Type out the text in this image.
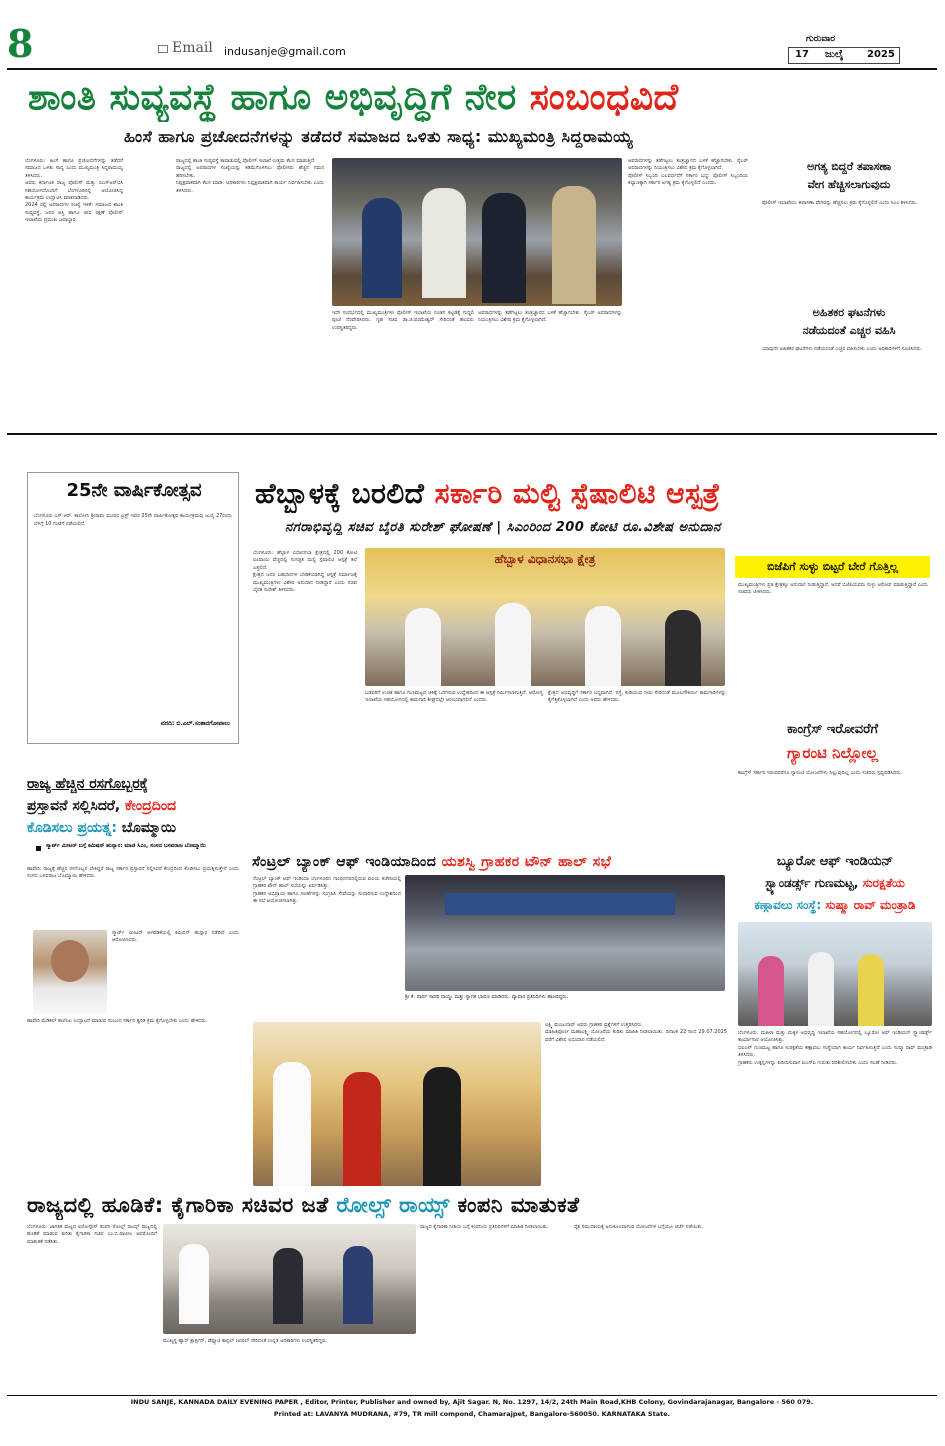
8	Email indusanje@gmail.com
ಗುರುವಾರ
17 ಜುಲೈ 2025
ಶಾಂತಿ ಸುವ್ಯವಸ್ಥೆ ಹಾಗೂ ಅಭಿವೃದ್ಧಿಗೆ ನೇರ ಸಂಬಂಧವಿದೆ
ಹಿಂಸೆ ಹಾಗೂ ಪ್ರಚೋದನೆಗಳನ್ನು ತಡೆದರೆ ಸಮಾಜದ ಒಳಿತು ಸಾಧ್ಯ: ಮುಖ್ಯಮಂತ್ರಿ ಸಿದ್ದರಾಮಯ್ಯ
ಬೆಂಗಳೂರು: ಹಿಂಸೆ ಹಾಗೂ ಪ್ರಚೋದನೆಗಳನ್ನು ತಡೆದರೆ ಸಮಾಜದ ಒಳಿತು ಸಾಧ್ಯ ಎಂದು ಮುಖ್ಯಮಂತ್ರಿ ಸಿದ್ದರಾಮಯ್ಯ ತಿಳಿಸಿದರು.
ಅವರು ಕರ್ನಾಟಕ ರಾಜ್ಯ ಪೊಲೀಸ್ ಮತ್ತು ಬಿಎಸ್‌ಆರ್‌ಬಿಸಿ ಸಹಯೋಗದೊಂದಿಗೆ ಬೆಂಗಳೂರಿನಲ್ಲಿ ಆಯೋಜಿಸಿದ್ದ ಕಾರ್ಯಕ್ರಮ ಉದ್ಘಾಟಿಸಿ ಮಾತನಾಡಿದರು.
2024 ರಲ್ಲಿ ಅಪರಾಧಗಳ ಸಂಖ್ಯೆ ಇಳಿಕೆ: ಸಮಾಜದ ಶಾಂತಿ ಸುವ್ಯವಸ್ಥೆ, ಜನರ ಆಸ್ತಿ ಹಾಗೂ ಜೀವ ರಕ್ಷಣೆ ಪೊಲೀಸ್ ಇಲಾಖೆಯ ಪ್ರಮುಖ ಜವಾಬ್ದಾರಿ.
ರಾಜ್ಯದಲ್ಲಿ ಶಾಂತಿ ಸುವ್ಯವಸ್ಥೆ ಕಾಪಾಡುವಲ್ಲಿ ಪೊಲೀಸ್ ಇಲಾಖೆ ಉತ್ತಮ ಕೆಲಸ ಮಾಡುತ್ತಿದೆ.
ರಾಜ್ಯದಲ್ಲಿ ಅಪರಾಧಗಳ ಸಂಖ್ಯೆಯನ್ನು ಕಡಿಮೆಗೊಳಿಸಲು ಪೊಲೀಸರು ಹೆಚ್ಚಿನ ಗಮನ ಹರಿಸಬೇಕು.
ನಿಷ್ಪಕ್ಷಪಾತವಾಗಿ ಕೆಲಸ ಮಾಡಿ: ಅಧಿಕಾರಿಗಳು ನಿಷ್ಪಕ್ಷಪಾತವಾಗಿ ಕಾರ್ಯ ನಿರ್ವಹಿಸಬೇಕು ಎಂದು ತಿಳಿಸಿದರು.
ಇದೇ ಸಂದರ್ಭದಲ್ಲಿ ಮುಖ್ಯಮಂತ್ರಿಗಳು ಪೊಲೀಸ್ ಇಲಾಖೆಯ ನೂತನ ಕಟ್ಟಡಕ್ಕೆ ಗುದ್ದಲಿ ಪೂಜೆ ನೆರವೇರಿಸಿದರು. ಗೃಹ ಸಚಿವ ಡಾ.ಜಿ.ಪರಮೇಶ್ವರ್ ಸೇರಿದಂತೆ ಹಲವರು ಉಪಸ್ಥಿತರಿದ್ದರು.
ಅಪರಾಧಗಳನ್ನು ತಡೆಗಟ್ಟಲು ತಂತ್ರಜ್ಞಾನದ ಬಳಕೆ ಹೆಚ್ಚಾಗಬೇಕು. ಸೈಬರ್ ಅಪರಾಧಗಳನ್ನು ನಿಯಂತ್ರಿಸಲು ವಿಶೇಷ ಕ್ರಮ ಕೈಗೊಳ್ಳಲಾಗಿದೆ.
ಅಪರಾಧಗಳನ್ನು ತಡೆಗಟ್ಟಲು ತಂತ್ರಜ್ಞಾನದ ಬಳಕೆ ಹೆಚ್ಚಾಗಬೇಕು. ಸೈಬರ್ ಅಪರಾಧಗಳನ್ನು ನಿಯಂತ್ರಿಸಲು ವಿಶೇಷ ಕ್ರಮ ಕೈಗೊಳ್ಳಲಾಗಿದೆ.
ಪೊಲೀಸ್ ಸಿಬ್ಬಂದಿ ಬಲವರ್ಧನೆಗೆ ಸರ್ಕಾರ ಬದ್ಧ: ಪೊಲೀಸ್ ಸಿಬ್ಬಂದಿಯ ಕಲ್ಯಾಣಕ್ಕಾಗಿ ಸರ್ಕಾರ ಅಗತ್ಯ ಕ್ರಮ ಕೈಗೊಳ್ಳಲಿದೆ ಎಂದರು.
ಅಗತ್ಯ ಬಿದ್ದರೆ ತಪಾಸಣಾ
ವೇಗ ಹೆಚ್ಚಿಸಲಾಗುವುದು
ಪೊಲೀಸ್ ಇಲಾಖೆಯು ತಪಾಸಣಾ ವೇಗವನ್ನು ಹೆಚ್ಚಿಸಲು ಕ್ರಮ ಕೈಗೊಳ್ಳಲಿದೆ ಎಂದು ಸಿಎಂ ತಿಳಿಸಿದರು.
ಅಹಿತಕರ ಘಟನೆಗಳು
ನಡೆಯದಂತೆ ಎಚ್ಚರ ವಹಿಸಿ
ಯಾವುದೇ ಅಹಿತಕರ ಘಟನೆಗಳು ನಡೆಯದಂತೆ ಎಚ್ಚರ ವಹಿಸಬೇಕು ಎಂದು ಅಧಿಕಾರಿಗಳಿಗೆ ಸೂಚಿಸಿದರು.
25ನೇ ವಾರ್ಷಿಕೋತ್ಸವ
ಬೆಂಗಳೂರು ಎಸ್.ಆರ್. ಕಾಲೋನಿ ಶ್ರೀರಾಮ ಮಂದಿರ ಟ್ರಸ್ಟ್ ಇವರ 25ನೇ ವಾರ್ಷಿಕೋತ್ಸವ ಕಾರ್ಯಕ್ರಮವು ಜುಲೈ 27ರಂದು ಬೆಳಗ್ಗೆ 10 ಗಂಟೆಗೆ ನಡೆಯಲಿದೆ.
ವರದಿ: ಬಿ.ಎಲ್.ಸಂತಾನಗೋಪಾಲು
ಹೆಬ್ಬಾಳಕ್ಕೆ ಬರಲಿದೆ ಸರ್ಕಾರಿ ಮಲ್ಟಿ ಸ್ಪೆಷಾಲಿಟಿ ಆಸ್ಪತ್ರೆ
ನಗರಾಭಿವೃದ್ಧಿ ಸಚಿವ ಬೈರತಿ ಸುರೇಶ್ ಘೋಷಣೆ | ಸಿಎಂರಿಂದ 200 ಕೋಟಿ ರೂ.ವಿಶೇಷ ಅನುದಾನ
ಬೆಂಗಳೂರು: ಹೆಬ್ಬಾಳ ವಿಧಾನಸಭಾ ಕ್ಷೇತ್ರದಲ್ಲಿ 200 ಕೋಟಿ ರೂಪಾಯಿ ವೆಚ್ಚದಲ್ಲಿ ಸುಸಜ್ಜಿತ ಮಲ್ಟಿ ಸ್ಪೆಷಾಲಿಟಿ ಆಸ್ಪತ್ರೆ ತಲೆ ಎತ್ತಲಿದೆ.
ಕ್ಷೇತ್ರದ ಜನರ ಬಹುದಿನಗಳ ಬೇಡಿಕೆಯಾಗಿದ್ದ ಆಸ್ಪತ್ರೆ ನಿರ್ಮಾಣಕ್ಕೆ ಮುಖ್ಯಮಂತ್ರಿಗಳು ವಿಶೇಷ ಅನುದಾನ ನೀಡಿದ್ದಾರೆ ಎಂದು ಸಚಿವ ಬೈರತಿ ಸುರೇಶ್ ತಿಳಿಸಿದರು.
ಹೆಬ್ಬಾಳ ವಿಧಾನಸಭಾ ಕ್ಷೇತ್ರ
ಬಡವರಿಗೆ ಉಚಿತ ಹಾಗೂ ಗುಣಮಟ್ಟದ ಚಿಕಿತ್ಸೆ ಒದಗಿಸುವ ಉದ್ದೇಶದಿಂದ ಈ ಆಸ್ಪತ್ರೆ ನಿರ್ಮಿಸಲಾಗುತ್ತಿದೆ. ಆರೋಗ್ಯ ಇಲಾಖೆಯ ಸಹಯೋಗದಲ್ಲಿ ಕಾಮಗಾರಿ ಶೀಘ್ರದಲ್ಲೇ ಆರಂಭವಾಗಲಿದೆ ಎಂದರು.
ಕ್ಷೇತ್ರದ ಅಭಿವೃದ್ಧಿಗೆ ಸರ್ಕಾರ ಬದ್ಧವಾಗಿದೆ. ರಸ್ತೆ, ಕುಡಿಯುವ ನೀರು ಸೇರಿದಂತೆ ಮೂಲಸೌಕರ್ಯ ಕಾಮಗಾರಿಗಳನ್ನು ಕೈಗೆತ್ತಿಕೊಳ್ಳಲಾಗಿದೆ ಎಂದು ಅವರು ಹೇಳಿದರು.
ಬಿಜೆಪಿಗೆ ಸುಳ್ಳು ಬಿಟ್ಟರೆ ಬೇರೆ ಗೊತ್ತಿಲ್ಲ
ಮುಖ್ಯಮಂತ್ರಿಗಳು ಪ್ರತಿ ಕ್ಷೇತ್ರಕ್ಕೂ ಅನುದಾನ ನೀಡುತ್ತಿದ್ದಾರೆ. ಆದರೆ ಬಿಜೆಪಿಯವರು ಸುಳ್ಳು ಆರೋಪ ಮಾಡುತ್ತಿದ್ದಾರೆ ಎಂದು ಸಚಿವರು ಟೀಕಿಸಿದರು.
ಕಾಂಗ್ರೆಸ್ ಇರೋವರೆಗೆ
ಗ್ಯಾರಂಟಿ ನಿಲ್ಲೋಲ್ಲ
ಕಾಂಗ್ರೆಸ್ ಸರ್ಕಾರ ಇರುವವರೆಗೂ ಗ್ಯಾರಂಟಿ ಯೋಜನೆಗಳು ನಿಲ್ಲುವುದಿಲ್ಲ ಎಂದು ಸಚಿವರು ಸ್ಪಷ್ಟಪಡಿಸಿದರು.
ರಾಜ್ಯ ಹೆಚ್ಚಿನ ರಸಗೊಬ್ಬರಕ್ಕೆ
ಪ್ರಸ್ತಾವನೆ ಸಲ್ಲಿಸಿದರೆ, ಕೇಂದ್ರದಿಂದ
ಕೊಡಿಸಲು ಪ್ರಯತ್ನ: ಬೊಮ್ಮಾಯಿ
ಸ್ಮಾರ್ಟ್ ಮೀಟರ್ ಬಗ್ಗೆ ಕಮಿಷನ್ ಹುನ್ನಾರ: ಮಾಜಿ ಸಿಎಂ, ಸಂಸದ ಬಸವರಾಜ ಬೊಮ್ಮಾಯಿ
ಹಾವೇರಿ: ರಾಜ್ಯಕ್ಕೆ ಹೆಚ್ಚಿನ ರಸಗೊಬ್ಬರ ಬೇಕಿದ್ದರೆ ರಾಜ್ಯ ಸರ್ಕಾರ ಪ್ರಸ್ತಾವನೆ ಸಲ್ಲಿಸಿದರೆ ಕೇಂದ್ರದಿಂದ ಕೊಡಿಸಲು ಪ್ರಯತ್ನಿಸುತ್ತೇನೆ ಎಂದು ಸಂಸದ ಬಸವರಾಜ ಬೊಮ್ಮಾಯಿ ಹೇಳಿದರು.
ಸ್ಮಾರ್ಟ್ ಮೀಟರ್ ಅಳವಡಿಕೆಯಲ್ಲಿ ಕಮಿಷನ್ ಹುನ್ನಾರ ನಡೆದಿದೆ ಎಂದು ಆರೋಪಿಸಿದರು.
ಹಾವೇರಿ ಮೆಡಿಕಲ್ ಕಾಲೇಜು ಉದ್ಘಾಟನೆ ಮಾಡುವ ಸಂಬಂಧ ಸರ್ಕಾರ ತ್ವರಿತ ಕ್ರಮ ಕೈಗೊಳ್ಳಬೇಕು ಎಂದು ಹೇಳಿದರು.
ಸೆಂಟ್ರಲ್ ಬ್ಯಾಂಕ್ ಆಫ್ ಇಂಡಿಯಾದಿಂದ ಯಶಸ್ವಿ ಗ್ರಾಹಕರ ಟೌನ್ ಹಾಲ್ ಸಭೆ
ಸೆಂಟ್ರಲ್ ಬ್ಯಾಂಕ್ ಆಫ್ ಇಂಡಿಯಾ ಬೆಂಗಳೂರಿನ ಗಾಂಧಿನಗರದಲ್ಲಿರುವ ವಲಯ ಕಚೇರಿಯಲ್ಲಿ ಗ್ರಾಹಕರ ಟೌನ್ ಹಾಲ್ ಸಭೆಯನ್ನು ಏರ್ಪಡಿಸಿತ್ತು.
ಗ್ರಾಹಕರ ಅಭಿಪ್ರಾಯ ಹಾಗೂ ಸಲಹೆಗಳನ್ನು ಸಂಗ್ರಹಿಸಿ ಸೇವೆಯನ್ನು ಸುಧಾರಿಸುವ ಉದ್ದೇಶದಿಂದ ಈ ಸಭೆ ಆಯೋಜಿಸಲಾಗಿತ್ತು.
ಶ್ರೀ ಕೆ. ಪಾರ್ಥ ಸಾರಥಿ ನಾಯ್ಡು ಮತ್ತು ಸ್ವಾಗತ ಭಾಷಣ ಮಾಡಿದರು. ವ್ಯಾಪಾರ ಪ್ರತಿನಿಧಿಗಳು ಹಾಜರಿದ್ದರು.
ಲಕ್ಷ್ಮಿ ಮಂಜುನಾಥ್ ಅವರು ಗ್ರಾಹಕರ ಪ್ರಶ್ನೆಗಳಿಗೆ ಉತ್ತರಿಸಿದರು.
ಮಾಹಿತಿಪೂರ್ಣ ಮಹಾಲಕ್ಷ್ಮಿ ಯೋಜನೆಯ ಕುರಿತು ಮಾಹಿತಿ ನೀಡಲಾಯಿತು. ದಿನಾಂಕ 22 ರಿಂದ 29.07.2025 ವರೆಗೆ ವಿಶೇಷ ಅಭಿಯಾನ ನಡೆಯಲಿದೆ.
ಬ್ಯೂರೋ ಆಫ್ ಇಂಡಿಯನ್
ಸ್ಟ್ಯಾಂಡರ್ಡ್ಸ್ ಗುಣಮಟ್ಟ, ಸುರಕ್ಷತೆಯ
ಕಣ್ಗಾವಲು ಸಂಸ್ಥೆ: ಸುಷ್ಮಾ ರಾವ್ ಮಂತ್ರಾಡಿ
ಬೆಂಗಳೂರು: ಮಹಿಳಾ ಮತ್ತು ಮಕ್ಕಳ ಅಭಿವೃದ್ಧಿ ಇಲಾಖೆಯ ಸಹಯೋಗದಲ್ಲಿ ಬ್ಯೂರೋ ಆಫ್ ಇಂಡಿಯನ್ ಸ್ಟ್ಯಾಂಡರ್ಡ್ಸ್ ಕಾರ್ಯಾಗಾರ ಆಯೋಜಿಸಿತ್ತು.
ಬಿಐಎಸ್ ಗುಣಮಟ್ಟ ಹಾಗೂ ಸುರಕ್ಷತೆಯ ಕಣ್ಗಾವಲು ಸಂಸ್ಥೆಯಾಗಿ ಕಾರ್ಯ ನಿರ್ವಹಿಸುತ್ತಿದೆ ಎಂದು ಸುಷ್ಮಾ ರಾವ್ ಮಂತ್ರಾಡಿ ತಿಳಿಸಿದರು.
ಗ್ರಾಹಕರು ಉತ್ಪನ್ನಗಳನ್ನು ಖರೀದಿಸುವಾಗ ಐಎಸ್‌ಐ ಗುರುತು ಪರಿಶೀಲಿಸಬೇಕು ಎಂದು ಸಲಹೆ ನೀಡಿದರು.
ರಾಜ್ಯದಲ್ಲಿ ಹೂಡಿಕೆ: ಕೈಗಾರಿಕಾ ಸಚಿವರ ಜತೆ ರೋಲ್ಸ್ ರಾಯ್ಸ್ ಕಂಪನಿ ಮಾತುಕತೆ
ಬೆಂಗಳೂರು: ಜಾಗತಿಕ ಮಟ್ಟದ ಏರೋಸ್ಪೇಸ್ ಕಂಪನಿ ರೋಲ್ಸ್ ರಾಯ್ಸ್ ರಾಜ್ಯದಲ್ಲಿ ಹೂಡಿಕೆ ಮಾಡುವ ಕುರಿತು ಕೈಗಾರಿಕಾ ಸಚಿವ ಎಂ.ಬಿ.ಪಾಟೀಲ ಅವರೊಂದಿಗೆ ಮಾತುಕತೆ ನಡೆಸಿತು.
ಮುಖ್ಯಸ್ಥ ಹ್ಯಾರ್ ಕ್ಲಾರ್ಕ್ಸನ್, ಡೆಪ್ಯೂಟಿ ಕಾನ್ಸಲ್ ಜನರಲ್ ಸೇರಿದಂತೆ ಉನ್ನತ ಅಧಿಕಾರಿಗಳು ಉಪಸ್ಥಿತರಿದ್ದರು.
ರಾಜ್ಯದ ಕೈಗಾರಿಕಾ ನೀತಿಯ ಬಗ್ಗೆ ಕಂಪನಿಯ ಪ್ರತಿನಿಧಿಗಳಿಗೆ ಮಾಹಿತಿ ನೀಡಲಾಯಿತು.	ರೈತ ಸಮುದಾಯಕ್ಕೆ ಅನುಕೂಲವಾಗುವ ಯೋಜನೆಗಳ ಬಗ್ಗೆಯೂ ಚರ್ಚೆ ನಡೆಯಿತು.
INDU SANJE, KANNADA DAILY EVENING PAPER , Editor, Printer, Publisher and owned by, Ajit Sagar. N, No. 1297, 14/2, 24th Main Road,KHB Colony, Govindarajanagar, Bangalore - 560 079.
Printed at: LAVANYA MUDRANA, #79, TR mill compond, Chamarajpet, Bangalore-560050. KARNATAKA State.
